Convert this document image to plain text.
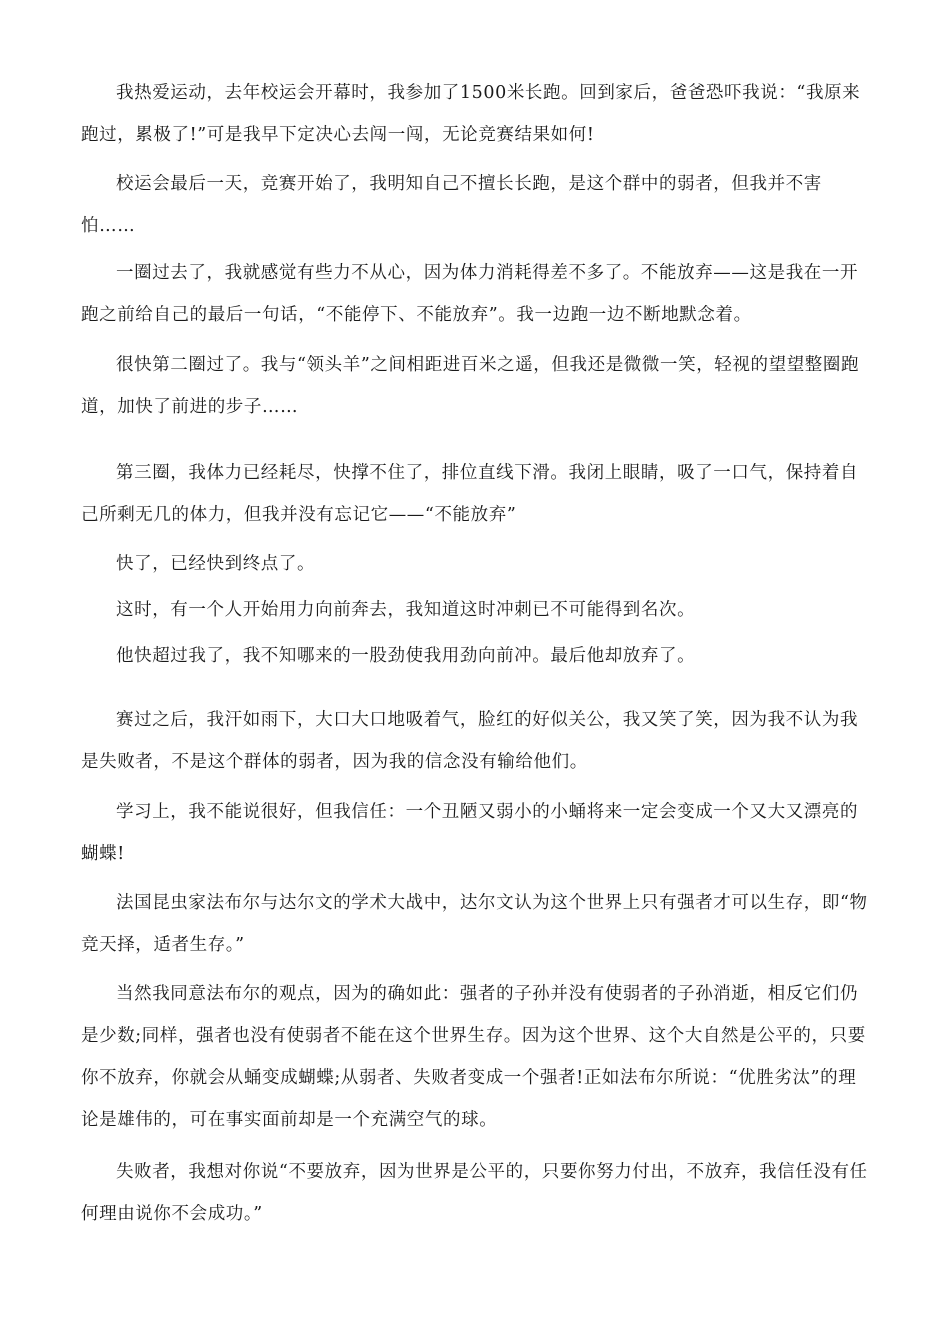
我热爱运动，去年校运会开幕时，我参加了1500米长跑。回到家后，爸爸恐吓我说：“我原来跑过，累极了!”可是我早下定决心去闯一闯，无论竞赛结果如何!

校运会最后一天，竞赛开始了，我明知自己不擅长长跑，是这个群中的弱者，但我并不害怕……

一圈过去了，我就感觉有些力不从心，因为体力消耗得差不多了。不能放弃——这是我在一开跑之前给自己的最后一句话，“不能停下、不能放弃”。我一边跑一边不断地默念着。

很快第二圈过了。我与“领头羊”之间相距进百米之遥，但我还是微微一笑，轻视的望望整圈跑道，加快了前进的步子……

第三圈，我体力已经耗尽，快撑不住了，排位直线下滑。我闭上眼睛，吸了一口气，保持着自己所剩无几的体力，但我并没有忘记它——“不能放弃”

快了，已经快到终点了。

这时，有一个人开始用力向前奔去，我知道这时冲刺已不可能得到名次。

他快超过我了，我不知哪来的一股劲使我用劲向前冲。最后他却放弃了。

赛过之后，我汗如雨下，大口大口地吸着气，脸红的好似关公，我又笑了笑，因为我不认为我是失败者，不是这个群体的弱者，因为我的信念没有输给他们。

学习上，我不能说很好，但我信任：一个丑陋又弱小的小蛹将来一定会变成一个又大又漂亮的蝴蝶!

法国昆虫家法布尔与达尔文的学术大战中，达尔文认为这个世界上只有强者才可以生存，即“物竞天择，适者生存。”

当然我同意法布尔的观点，因为的确如此：强者的子孙并没有使弱者的子孙消逝，相反它们仍是少数;同样，强者也没有使弱者不能在这个世界生存。因为这个世界、这个大自然是公平的，只要你不放弃，你就会从蛹变成蝴蝶;从弱者、失败者变成一个强者!正如法布尔所说：“优胜劣汰”的理论是雄伟的，可在事实面前却是一个充满空气的球。

失败者，我想对你说“不要放弃，因为世界是公平的，只要你努力付出，不放弃，我信任没有任何理由说你不会成功。”
